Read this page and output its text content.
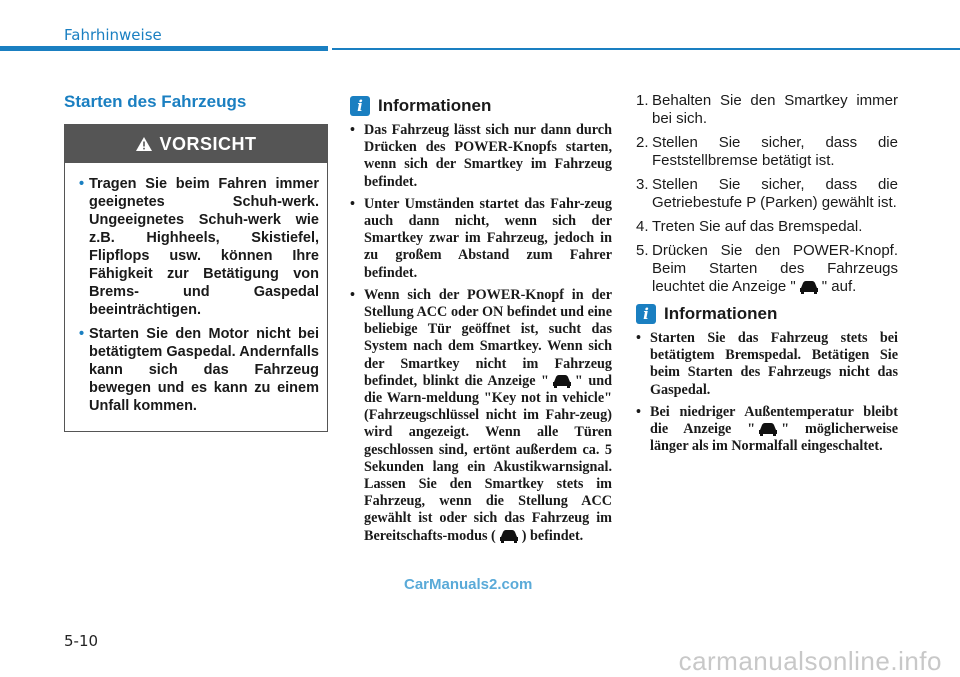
Fahrhinweise
Starten des Fahrzeugs
VORSICHT
• Tragen Sie beim Fahren immer geeignetes Schuh-werk. Ungeeignetes Schuh-werk wie z.B. Highheels, Skistiefel, Flipflops usw. können Ihre Fähigkeit zur Betätigung von Brems- und Gaspedal beeinträchtigen.
• Starten Sie den Motor nicht bei betätigtem Gaspedal. Andernfalls kann sich das Fahrzeug bewegen und es kann zu einem Unfall kommen.
i Informationen
• Das Fahrzeug lässt sich nur dann durch Drücken des POWER-Knopfs starten, wenn sich der Smartkey im Fahrzeug befindet.
• Unter Umständen startet das Fahr-zeug auch dann nicht, wenn sich der Smartkey zwar im Fahrzeug, jedoch in zu großem Abstand zum Fahrer befindet.
• Wenn sich der POWER-Knopf in der Stellung ACC oder ON befindet und eine beliebige Tür geöffnet ist, sucht das System nach dem Smartkey. Wenn sich der Smartkey nicht im Fahrzeug befindet, blinkt die Anzeige " " und die Warn-meldung "Key not in vehicle" (Fahrzeugschlüssel nicht im Fahr-zeug) wird angezeigt. Wenn alle Türen geschlossen sind, ertönt außerdem ca. 5 Sekunden lang ein Akustikwarnsignal. Lassen Sie den Smartkey stets im Fahrzeug, wenn die Stellung ACC gewählt ist oder sich das Fahrzeug im Bereitschafts-modus ( ) befindet.
1. Behalten Sie den Smartkey immer bei sich.
2. Stellen Sie sicher, dass die Feststellbremse betätigt ist.
3. Stellen Sie sicher, dass die Getriebestufe P (Parken) gewählt ist.
4. Treten Sie auf das Bremspedal.
5. Drücken Sie den POWER-Knopf. Beim Starten des Fahrzeugs leuchtet die Anzeige " " auf.
i Informationen
• Starten Sie das Fahrzeug stets bei betätigtem Bremspedal. Betätigen Sie beim Starten des Fahrzeugs nicht das Gaspedal.
• Bei niedriger Außentemperatur bleibt die Anzeige " " möglicherweise länger als im Normalfall eingeschaltet.
CarManuals2.com
5-10
carmanualsonline.info
